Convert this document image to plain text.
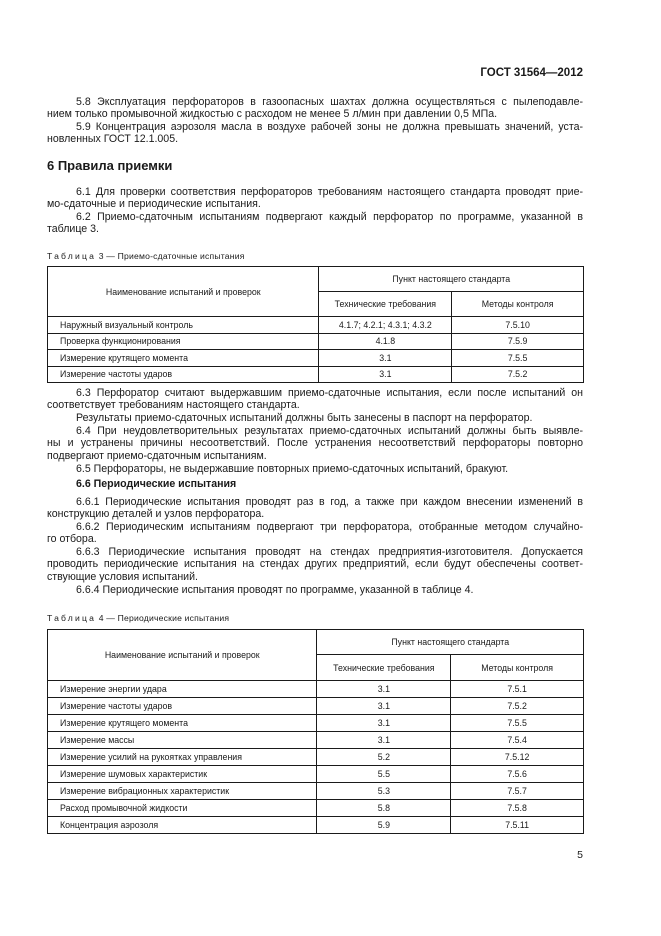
ГОСТ 31564—2012
5.8 Эксплуатация перфораторов в газоопасных шахтах должна осуществляться с пылеподавле-
нием только промывочной жидкостью с расходом не менее 5 л/мин при давлении 0,5 МПа.
5.9 Концентрация аэрозоля масла в воздухе рабочей зоны не должна превышать значений, уста-
новленных ГОСТ 12.1.005.
6 Правила приемки
6.1 Для проверки соответствия перфораторов требованиям настоящего стандарта проводят прие-
мо-сдаточные и периодические испытания.
6.2 Приемо-сдаточным испытаниям подвергают каждый перфоратор по программе, указанной в
таблице 3.
Таблица 3 — Приемо-сдаточные испытания
Наименование испытаний и проверок	Пункт настоящего стандарта	
	Технические требования	Методы контроля
Наружный визуальный контроль	4.1.7; 4.2.1; 4.3.1; 4.3.2	7.5.10
Проверка функционирования	4.1.8	7.5.9
Измерение крутящего момента	3.1	7.5.5
Измерение частоты ударов	3.1	7.5.2
6.3 Перфоратор считают выдержавшим приемо-сдаточные испытания, если после испытаний он
соответствует требованиям настоящего стандарта.
Результаты приемо-сдаточных испытаний должны быть занесены в паспорт на перфоратор.
6.4 При неудовлетворительных результатах приемо-сдаточных испытаний должны быть выявле-
ны и устранены причины несоответствий. После устранения несоответствий перфораторы повторно
подвергают приемо-сдаточным испытаниям.
6.5 Перфораторы, не выдержавшие повторных приемо-сдаточных испытаний, бракуют.
6.6 Периодические испытания
6.6.1 Периодические испытания проводят раз в год, а также при каждом внесении изменений в
конструкцию деталей и узлов перфоратора.
6.6.2 Периодическим испытаниям подвергают три перфоратора, отобранные методом случайно-
го отбора.
6.6.3 Периодические испытания проводят на стендах предприятия-изготовителя. Допускается
проводить периодические испытания на стендах других предприятий, если будут обеспечены соответ-
ствующие условия испытаний.
6.6.4 Периодические испытания проводят по программе, указанной в таблице 4.
Таблица 4 — Периодические испытания
Наименование испытаний и проверок	Пункт настоящего стандарта	
	Технические требования	Методы контроля
Измерение энергии удара	3.1	7.5.1
Измерение частоты ударов	3.1	7.5.2
Измерение крутящего момента	3.1	7.5.5
Измерение массы	3.1	7.5.4
Измерение усилий на рукоятках управления	5.2	7.5.12
Измерение шумовых характеристик	5.5	7.5.6
Измерение вибрационных характеристик	5.3	7.5.7
Расход промывочной жидкости	5.8	7.5.8
Концентрация аэрозоля	5.9	7.5.11
5
